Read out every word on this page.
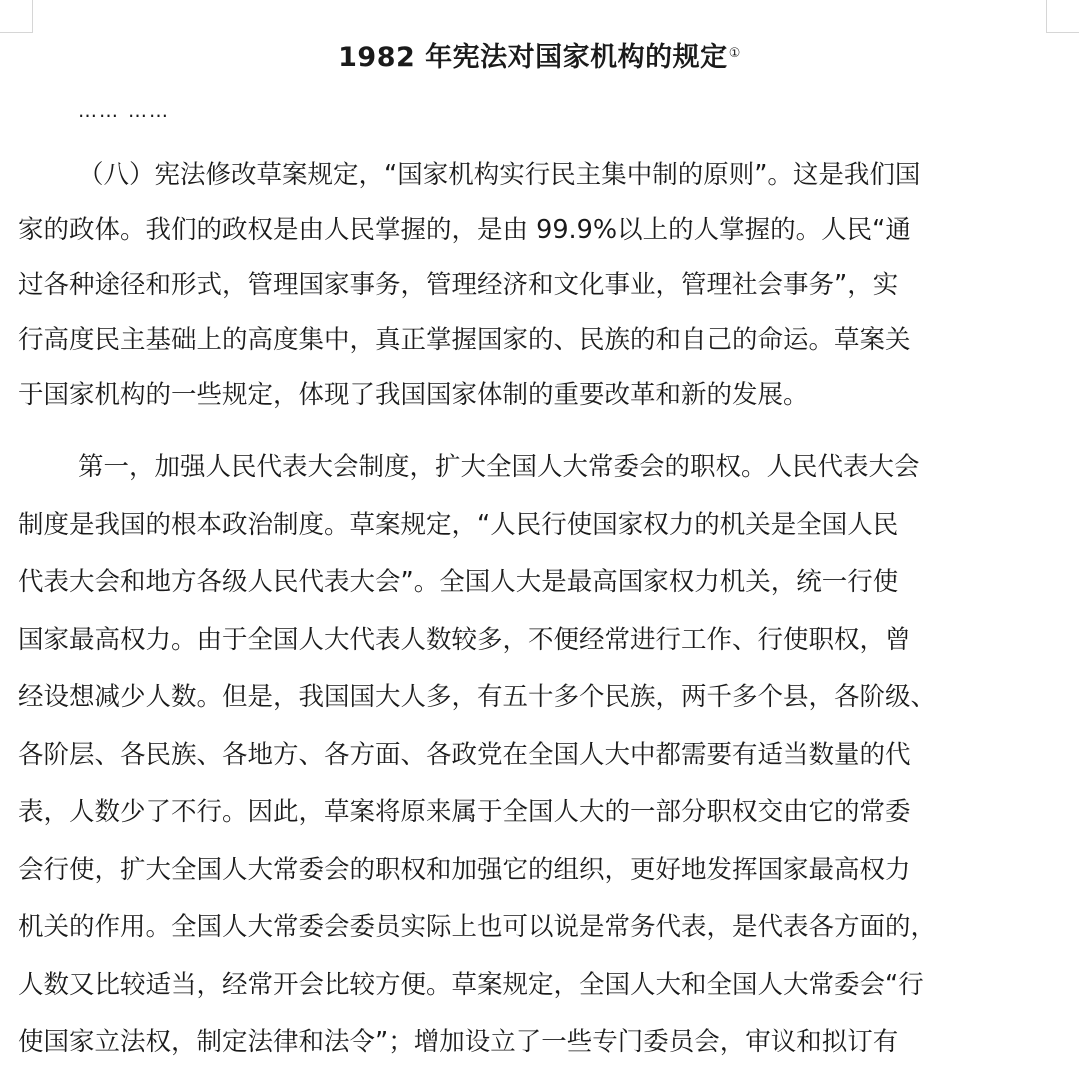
1982 年宪法对国家机构的规定①
…… ……
（八）宪法修改草案规定，“国家机构实行民主集中制的原则”。这是我们国
家的政体。我们的政权是由人民掌握的，是由 99.9%以上的人掌握的。人民“通
过各种途径和形式，管理国家事务，管理经济和文化事业，管理社会事务”，实
行高度民主基础上的高度集中，真正掌握国家的、民族的和自己的命运。草案关
于国家机构的一些规定，体现了我国国家体制的重要改革和新的发展。
第一，加强人民代表大会制度，扩大全国人大常委会的职权。人民代表大会
制度是我国的根本政治制度。草案规定，“人民行使国家权力的机关是全国人民
代表大会和地方各级人民代表大会”。全国人大是最高国家权力机关，统一行使
国家最高权力。由于全国人大代表人数较多，不便经常进行工作、行使职权，曾
经设想减少人数。但是，我国国大人多，有五十多个民族，两千多个县，各阶级、
各阶层、各民族、各地方、各方面、各政党在全国人大中都需要有适当数量的代
表，人数少了不行。因此，草案将原来属于全国人大的一部分职权交由它的常委
会行使，扩大全国人大常委会的职权和加强它的组织，更好地发挥国家最高权力
机关的作用。全国人大常委会委员实际上也可以说是常务代表，是代表各方面的，
人数又比较适当，经常开会比较方便。草案规定，全国人大和全国人大常委会“行
使国家立法权，制定法律和法令”；增加设立了一些专门委员会，审议和拟订有
